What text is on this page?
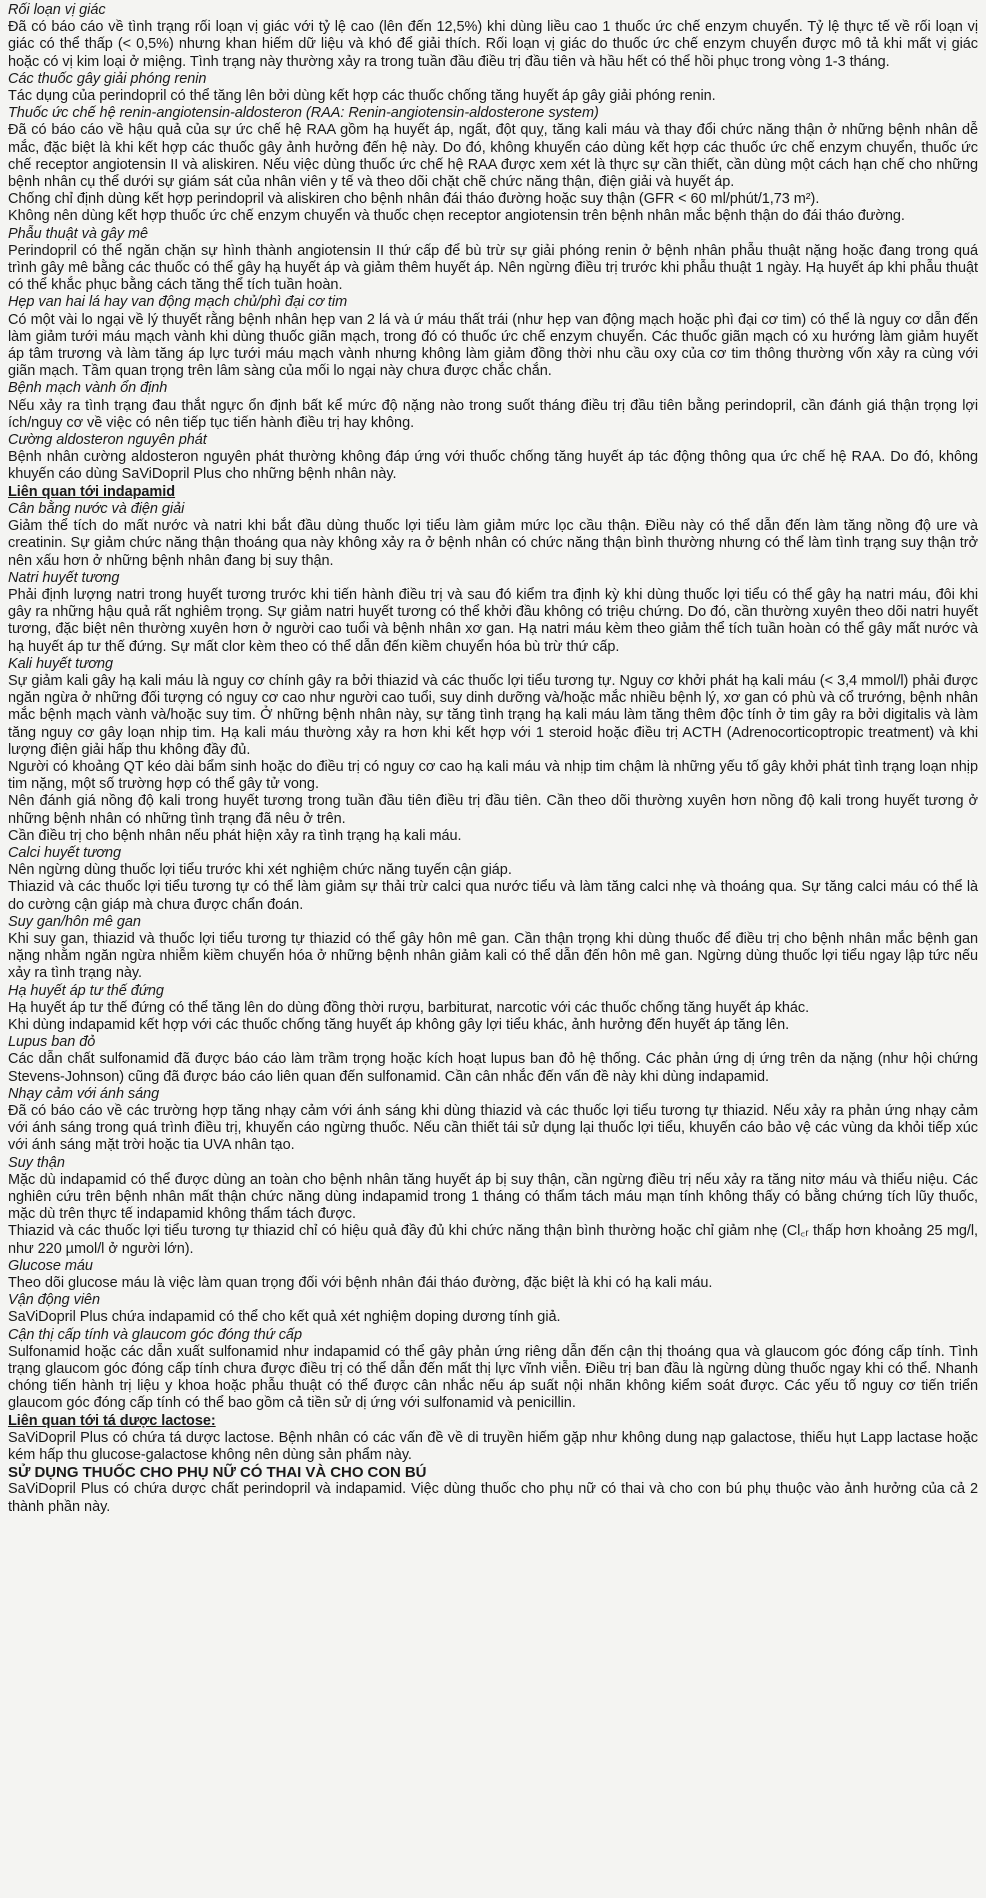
Rối loạn vị giác
Đã có báo cáo về tình trạng rối loạn vị giác với tỷ lệ cao (lên đến 12,5%) khi dùng liều cao 1 thuốc ức chế enzym chuyển. Tỷ lệ thực tế về rối loạn vị giác có thể thấp (< 0,5%) nhưng khan hiếm dữ liệu và khó để giải thích. Rối loạn vị giác do thuốc ức chế enzym chuyển được mô tả khi mất vị giác hoặc có vị kim loại ở miệng. Tình trạng này thường xảy ra trong tuần đầu điều trị đầu tiên và hầu hết có thể hồi phục trong vòng 1-3 tháng.
Các thuốc gây giải phóng renin
Tác dụng của perindopril có thể tăng lên bởi dùng kết hợp các thuốc chống tăng huyết áp gây giải phóng renin.
Thuốc ức chế hệ renin-angiotensin-aldosteron (RAA: Renin-angiotensin-aldosterone system)
Đã có báo cáo về hậu quả của sự ức chế hệ RAA gồm hạ huyết áp, ngất, đột quỵ, tăng kali máu và thay đổi chức năng thận ở những bệnh nhân dễ mắc, đặc biệt là khi kết hợp các thuốc gây ảnh hưởng đến hệ này. Do đó, không khuyến cáo dùng kết hợp các thuốc ức chế enzym chuyển, thuốc ức chế receptor angiotensin II và aliskiren. Nếu việc dùng thuốc ức chế hệ RAA được xem xét là thực sự cần thiết, cần dùng một cách hạn chế cho những bệnh nhân cụ thể dưới sự giám sát của nhân viên y tế và theo dõi chặt chẽ chức năng thận, điện giải và huyết áp.
Chống chỉ định dùng kết hợp perindopril và aliskiren cho bệnh nhân đái tháo đường hoặc suy thận (GFR < 60 ml/phút/1,73 m²).
Không nên dùng kết hợp thuốc ức chế enzym chuyển và thuốc chẹn receptor angiotensin trên bệnh nhân mắc bệnh thận do đái tháo đường.
Phẫu thuật và gây mê
Perindopril có thể ngăn chặn sự hình thành angiotensin II thứ cấp để bù trừ sự giải phóng renin ở bệnh nhân phẫu thuật nặng hoặc đang trong quá trình gây mê bằng các thuốc có thể gây hạ huyết áp và giảm thêm huyết áp. Nên ngừng điều trị trước khi phẫu thuật 1 ngày. Hạ huyết áp khi phẫu thuật có thể khắc phục bằng cách tăng thể tích tuần hoàn.
Hẹp van hai lá hay van động mạch chủ/phì đại cơ tim
Có một vài lo ngại về lý thuyết rằng bệnh nhân hẹp van 2 lá và ứ máu thất trái (như hẹp van động mạch hoặc phì đại cơ tim) có thể là nguy cơ dẫn đến làm giảm tưới máu mạch vành khi dùng thuốc giãn mạch, trong đó có thuốc ức chế enzym chuyển. Các thuốc giãn mạch có xu hướng làm giảm huyết áp tâm trương và làm tăng áp lực tưới máu mạch vành nhưng không làm giảm đồng thời nhu cầu oxy của cơ tim thông thường vốn xảy ra cùng với giãn mạch. Tầm quan trọng trên lâm sàng của mối lo ngại này chưa được chắc chắn.
Bệnh mạch vành ổn định
Nếu xảy ra tình trạng đau thắt ngực ổn định bất kể mức độ nặng nào trong suốt tháng điều trị đầu tiên bằng perindopril, cần đánh giá thận trọng lợi ích/nguy cơ về việc có nên tiếp tục tiến hành điều trị hay không.
Cường aldosteron nguyên phát
Bệnh nhân cường aldosteron nguyên phát thường không đáp ứng với thuốc chống tăng huyết áp tác động thông qua ức chế hệ RAA. Do đó, không khuyến cáo dùng SaViDopril Plus cho những bệnh nhân này.
Liên quan tới indapamid
Cân bằng nước và điện giải
Giảm thể tích do mất nước và natri khi bắt đầu dùng thuốc lợi tiểu làm giảm mức lọc cầu thận. Điều này có thể dẫn đến làm tăng nồng độ ure và creatinin. Sự giảm chức năng thận thoáng qua này không xảy ra ở bệnh nhân có chức năng thận bình thường nhưng có thể làm tình trạng suy thận trở nên xấu hơn ở những bệnh nhân đang bị suy thận.
Natri huyết tương
Phải định lượng natri trong huyết tương trước khi tiến hành điều trị và sau đó kiểm tra định kỳ khi dùng thuốc lợi tiểu có thể gây hạ natri máu, đôi khi gây ra những hậu quả rất nghiêm trọng. Sự giảm natri huyết tương có thể khởi đầu không có triệu chứng. Do đó, cần thường xuyên theo dõi natri huyết tương, đặc biệt nên thường xuyên hơn ở người cao tuổi và bệnh nhân xơ gan. Hạ natri máu kèm theo giảm thể tích tuần hoàn có thể gây mất nước và hạ huyết áp tư thế đứng. Sự mất clor kèm theo có thể dẫn đến kiềm chuyển hóa bù trừ thứ cấp.
Kali huyết tương
Sự giảm kali gây hạ kali máu là nguy cơ chính gây ra bởi thiazid và các thuốc lợi tiểu tương tự. Nguy cơ khởi phát hạ kali máu (< 3,4 mmol/l) phải được ngăn ngừa ở những đối tượng có nguy cơ cao như người cao tuổi, suy dinh dưỡng và/hoặc mắc nhiều bệnh lý, xơ gan có phù và cổ trướng, bệnh nhân mắc bệnh mạch vành và/hoặc suy tim. Ở những bệnh nhân này, sự tăng tình trạng hạ kali máu làm tăng thêm độc tính ở tim gây ra bởi digitalis và làm tăng nguy cơ gây loạn nhịp tim. Hạ kali máu thường xảy ra hơn khi kết hợp với 1 steroid hoặc điều trị ACTH (Adrenocorticoptropic treatment) và khi lượng điện giải hấp thu không đầy đủ.
Người có khoảng QT kéo dài bẩm sinh hoặc do điều trị có nguy cơ cao hạ kali máu và nhịp tim chậm là những yếu tố gây khởi phát tình trạng loạn nhịp tim nặng, một số trường hợp có thể gây tử vong.
Nên đánh giá nồng độ kali trong huyết tương trong tuần đầu tiên điều trị đầu tiên. Cần theo dõi thường xuyên hơn nồng độ kali trong huyết tương ở những bệnh nhân có những tình trạng đã nêu ở trên.
Cần điều trị cho bệnh nhân nếu phát hiện xảy ra tình trạng hạ kali máu.
Calci huyết tương
Nên ngừng dùng thuốc lợi tiểu trước khi xét nghiệm chức năng tuyến cận giáp.
Thiazid và các thuốc lợi tiểu tương tự có thể làm giảm sự thải trừ calci qua nước tiểu và làm tăng calci nhẹ và thoáng qua. Sự tăng calci máu có thể là do cường cận giáp mà chưa được chẩn đoán.
Suy gan/hôn mê gan
Khi suy gan, thiazid và thuốc lợi tiểu tương tự thiazid có thể gây hôn mê gan. Cần thận trọng khi dùng thuốc để điều trị cho bệnh nhân mắc bệnh gan nặng nhằm ngăn ngừa nhiễm kiềm chuyển hóa ở những bệnh nhân giảm kali có thể dẫn đến hôn mê gan. Ngừng dùng thuốc lợi tiểu ngay lập tức nếu xảy ra tình trạng này.
Hạ huyết áp tư thế đứng
Hạ huyết áp tư thế đứng có thể tăng lên do dùng đồng thời rượu, barbiturat, narcotic với các thuốc chống tăng huyết áp khác.
Khi dùng indapamid kết hợp với các thuốc chống tăng huyết áp không gây lợi tiểu khác, ảnh hưởng đến huyết áp tăng lên.
Lupus ban đỏ
Các dẫn chất sulfonamid đã được báo cáo làm trầm trọng hoặc kích hoạt lupus ban đỏ hệ thống. Các phản ứng dị ứng trên da nặng (như hội chứng Stevens-Johnson) cũng đã được báo cáo liên quan đến sulfonamid. Cần cân nhắc đến vấn đề này khi dùng indapamid.
Nhạy cảm với ánh sáng
Đã có báo cáo về các trường hợp tăng nhạy cảm với ánh sáng khi dùng thiazid và các thuốc lợi tiểu tương tự thiazid. Nếu xảy ra phản ứng nhạy cảm với ánh sáng trong quá trình điều trị, khuyến cáo ngừng thuốc. Nếu cần thiết tái sử dụng lại thuốc lợi tiểu, khuyến cáo bảo vệ các vùng da khỏi tiếp xúc với ánh sáng mặt trời hoặc tia UVA nhân tạo.
Suy thận
Mặc dù indapamid có thể được dùng an toàn cho bệnh nhân tăng huyết áp bị suy thận, cần ngừng điều trị nếu xảy ra tăng nitơ máu và thiểu niệu. Các nghiên cứu trên bệnh nhân mất thận chức năng dùng indapamid trong 1 tháng có thẩm tách máu mạn tính không thấy có bằng chứng tích lũy thuốc, mặc dù trên thực tế indapamid không thẩm tách được.
Thiazid và các thuốc lợi tiểu tương tự thiazid chỉ có hiệu quả đầy đủ khi chức năng thận bình thường hoặc chỉ giảm nhẹ (Cl꜀ᵣ thấp hơn khoảng 25 mg/l, như 220 µmol/l ở người lớn).
Glucose máu
Theo dõi glucose máu là việc làm quan trọng đối với bệnh nhân đái tháo đường, đặc biệt là khi có hạ kali máu.
Vận động viên
SaViDopril Plus chứa indapamid có thể cho kết quả xét nghiệm doping dương tính giả.
Cận thị cấp tính và glaucom góc đóng thứ cấp
Sulfonamid hoặc các dẫn xuất sulfonamid như indapamid có thể gây phản ứng riêng dẫn đến cận thị thoáng qua và glaucom góc đóng cấp tính. Tình trạng glaucom góc đóng cấp tính chưa được điều trị có thể dẫn đến mất thị lực vĩnh viễn. Điều trị ban đầu là ngừng dùng thuốc ngay khi có thể. Nhanh chóng tiến hành trị liệu y khoa hoặc phẫu thuật có thể được cân nhắc nếu áp suất nội nhãn không kiểm soát được. Các yếu tố nguy cơ tiến triển glaucom góc đóng cấp tính có thể bao gồm cả tiền sử dị ứng với sulfonamid và penicillin.
Liên quan tới tá dược lactose:
SaViDopril Plus có chứa tá dược lactose. Bệnh nhân có các vấn đề về di truyền hiếm gặp như không dung nạp galactose, thiếu hụt Lapp lactase hoặc kém hấp thu glucose-galactose không nên dùng sản phẩm này.
SỬ DỤNG THUỐC CHO PHỤ NỮ CÓ THAI VÀ CHO CON BÚ
SaViDopril Plus có chứa dược chất perindopril và indapamid. Việc dùng thuốc cho phụ nữ có thai và cho con bú phụ thuộc vào ảnh hưởng của cả 2 thành phần này.
